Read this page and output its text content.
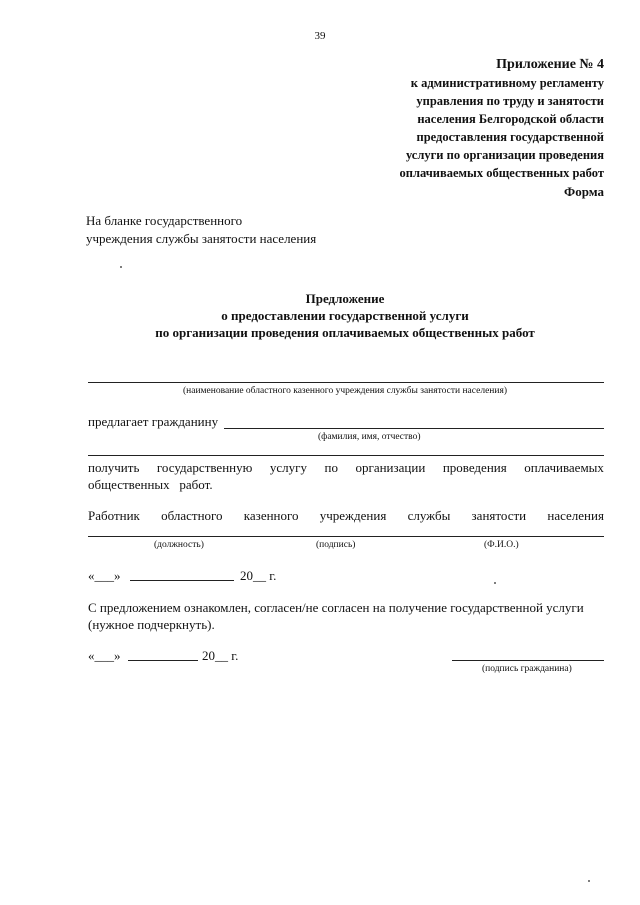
39
Приложение № 4
к административному регламенту
управления по труду и занятости
населения Белгородской области
предоставления государственной
услуги по организации проведения
оплачиваемых общественных работ
Форма
На бланке государственного
учреждения службы занятости населения
Предложение
о предоставлении государственной услуги
по организации проведения оплачиваемых общественных работ
(наименование областного казенного учреждения службы занятости населения)
предлагает гражданину
(фамилия, имя, отчество)
получить государственную услугу по организации проведения оплачиваемых
общественных   работ.
Работник областного казенного учреждения службы занятости населения
(должность)	(подпись)	(Ф.И.О.)
«___»	20__ г.
С предложением ознакомлен, согласен/не согласен на получение государственной услуги
(нужное подчеркнуть).
«___»	20__ г.
(подпись гражданина)
